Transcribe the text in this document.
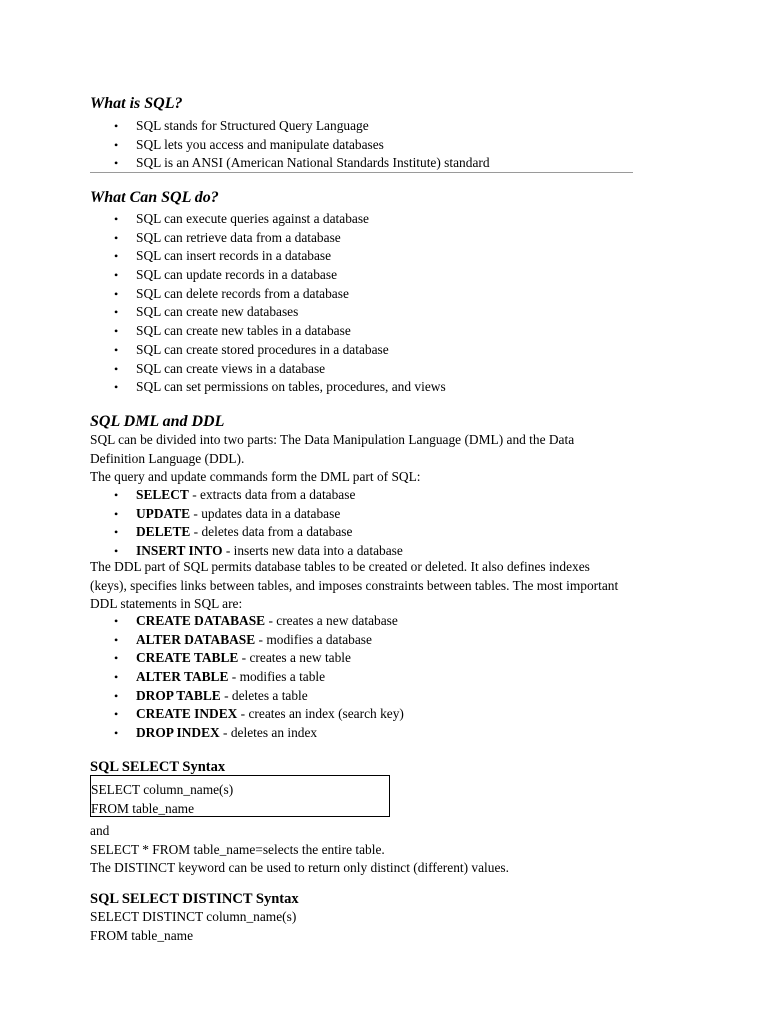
What is SQL?
• SQL stands for Structured Query Language
• SQL lets you access and manipulate databases
• SQL is an ANSI (American National Standards Institute) standard
What Can SQL do?
• SQL can execute queries against a database
• SQL can retrieve data from a database
• SQL can insert records in a database
• SQL can update records in a database
• SQL can delete records from a database
• SQL can create new databases
• SQL can create new tables in a database
• SQL can create stored procedures in a database
• SQL can create views in a database
• SQL can set permissions on tables, procedures, and views
SQL DML and DDL
SQL can be divided into two parts: The Data Manipulation Language (DML) and the Data
Definition Language (DDL).
The query and update commands form the DML part of SQL:
• SELECT - extracts data from a database
• UPDATE - updates data in a database
• DELETE - deletes data from a database
• INSERT INTO - inserts new data into a database
The DDL part of SQL permits database tables to be created or deleted. It also defines indexes
(keys), specifies links between tables, and imposes constraints between tables. The most important
DDL statements in SQL are:
• CREATE DATABASE - creates a new database
• ALTER DATABASE - modifies a database
• CREATE TABLE - creates a new table
• ALTER TABLE - modifies a table
• DROP TABLE - deletes a table
• CREATE INDEX - creates an index (search key)
• DROP INDEX - deletes an index
SQL SELECT Syntax
SELECT column_name(s)
FROM table_name
and
SELECT * FROM table_name=selects the entire table.
The DISTINCT keyword can be used to return only distinct (different) values.
SQL SELECT DISTINCT Syntax
SELECT DISTINCT column_name(s)
FROM table_name
